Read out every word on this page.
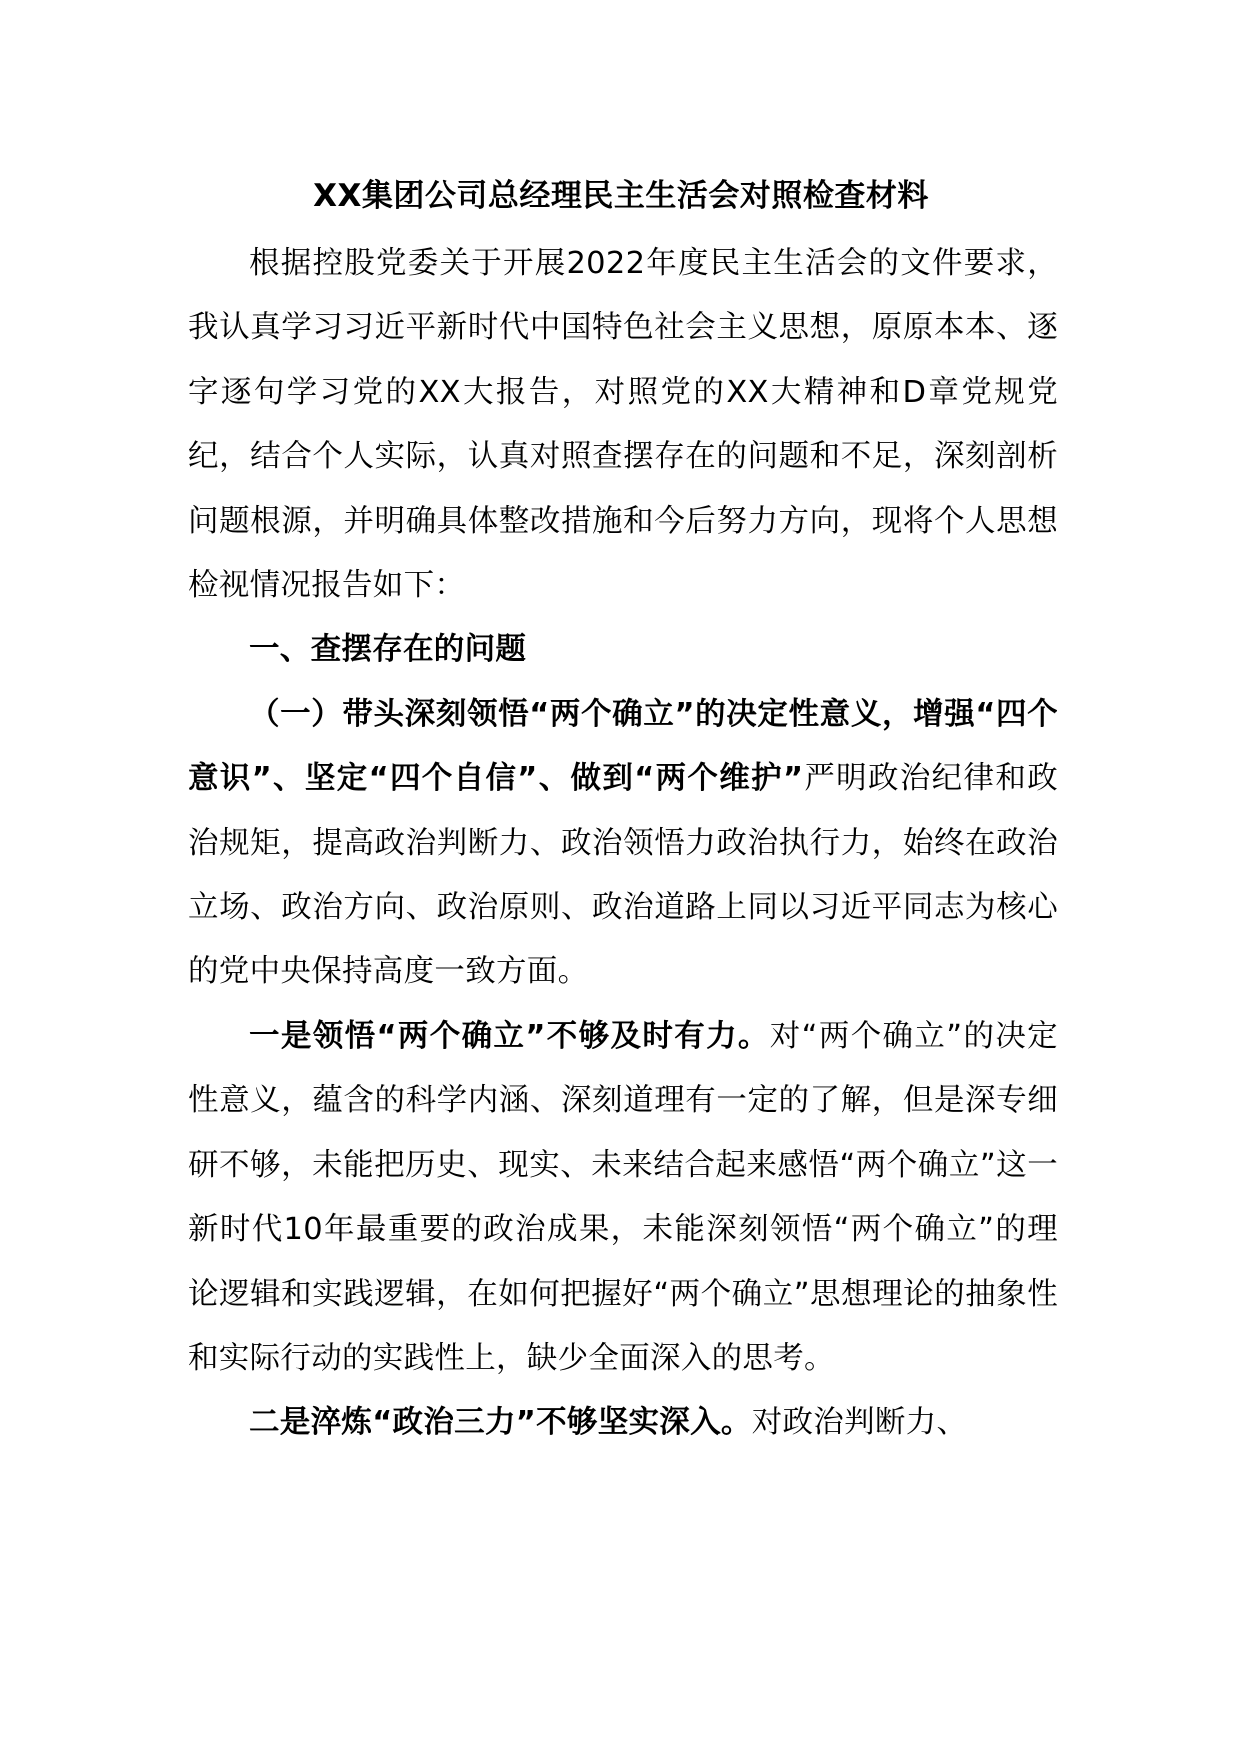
XX集团公司总经理民主生活会对照检查材料

根据控股党委关于开展2022年度民主生活会的文件要求，我认真学习习近平新时代中国特色社会主义思想，原原本本、逐字逐句学习党的XX大报告，对照党的XX大精神和D章党规党纪，结合个人实际，认真对照查摆存在的问题和不足，深刻剖析问题根源，并明确具体整改措施和今后努力方向，现将个人思想检视情况报告如下：

一、查摆存在的问题

（一）带头深刻领悟“两个确立”的决定性意义，增强“四个意识”、坚定“四个自信”、做到“两个维护”严明政治纪律和政治规矩，提高政治判断力、政治领悟力政治执行力，始终在政治立场、政治方向、政治原则、政治道路上同以习近平同志为核心的党中央保持高度一致方面。

一是领悟“两个确立”不够及时有力。对“两个确立”的决定性意义，蕴含的科学内涵、深刻道理有一定的了解，但是深专细研不够，未能把历史、现实、未来结合起来感悟“两个确立”这一新时代10年最重要的政治成果，未能深刻领悟“两个确立”的理论逻辑和实践逻辑，在如何把握好“两个确立”思想理论的抽象性和实际行动的实践性上，缺少全面深入的思考。

二是淬炼“政治三力”不够坚实深入。对政治判断力、
